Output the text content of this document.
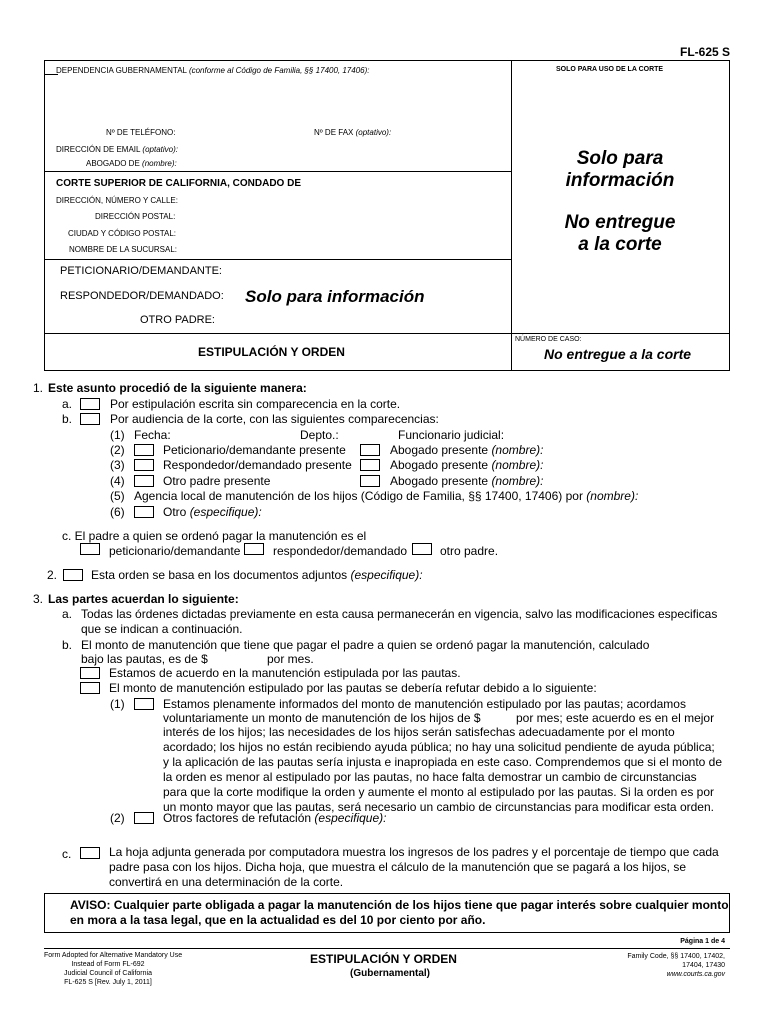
FL-625 S
DEPENDENCIA GUBERNAMENTAL (conforme al Código de Familia, §§ 17400, 17406):	SOLO PARA USO DE LA CORTE
Nº DE TELÉFONO:	Nº DE FAX (optativo):
DIRECCIÓN DE EMAIL (optativo):
ABOGADO DE (nombre):
CORTE SUPERIOR DE CALIFORNIA, CONDADO DE
DIRECCIÓN, NÚMERO Y CALLE:
DIRECCIÓN POSTAL:
CIUDAD Y CÓDIGO POSTAL:
NOMBRE DE LA SUCURSAL:
Solo para
información
No entregue
a la corte
PETICIONARIO/DEMANDANTE:
RESPONDEDOR/DEMANDADO: Solo para información
OTRO PADRE:
ESTIPULACIÓN Y ORDEN
NÚMERO DE CASO:
No entregue a la corte
1. Este asunto procedió de la siguiente manera:
a.	Por estipulación escrita sin comparecencia en la corte.
b.	Por audiencia de la corte, con las siguientes comparecencias:
(1) Fecha:	Depto.:	Funcionario judicial:
(2)	Peticionario/demandante presente	Abogado presente (nombre):
(3)	Respondedor/demandado presente	Abogado presente (nombre):
(4)	Otro padre presente	Abogado presente (nombre):
(5) Agencia local de manutención de los hijos (Código de Familia, §§ 17400, 17406) por (nombre):
(6)	Otro (especifique):
c. El padre a quien se ordenó pagar la manutención es el
peticionario/demandante	respondedor/demandado	otro padre.
2.	Esta orden se basa en los documentos adjuntos (especifique):
3. Las partes acuerdan lo siguiente:
a. Todas las órdenes dictadas previamente en esta causa permanecerán en vigencia, salvo las modificaciones especificas que se indican a continuación.
b. El monto de manutención que tiene que pagar el padre a quien se ordenó pagar la manutención, calculado
bajo las pautas, es de $	por mes.
Estamos de acuerdo en la manutención estipulada por las pautas.
El monto de manutención estipulado por las pautas se debería refutar debido a lo siguiente:
(1)	Estamos plenamente informados del monto de manutención estipulado por las pautas; acordamos
voluntariamente un monto de manutención de los hijos de $	por mes; este acuerdo es en el mejor
interés de los hijos; las necesidades de los hijos serán satisfechas adecuadamente por el monto acordado; los hijos no están recibiendo ayuda pública; no hay una solicitud pendiente de ayuda pública; y la aplicación de las pautas sería injusta e inapropiada en este caso. Comprendemos que si el monto de la orden es menor al estipulado por las pautas, no hace falta demostrar un cambio de circunstancias para que la corte modifique la orden y aumente el monto al estipulado por las pautas. Si la orden es por un monto mayor que las pautas, será necesario un cambio de circunstancias para modificar esta orden.
(2)	Otros factores de refutación (especifique):
c.	La hoja adjunta generada por computadora muestra los ingresos de los padres y el porcentaje de tiempo que cada padre pasa con los hijos. Dicha hoja, que muestra el cálculo de la manutención que se pagará a los hijos, se convertirá en una determinación de la corte.
AVISO: Cualquier parte obligada a pagar la manutención de los hijos tiene que pagar interés sobre cualquier monto
en mora a la tasa legal, que en la actualidad es del 10 por ciento por año.
Página 1 de 4
Form Adopted for Alternative Mandatory Use
Instead of Form FL-692
Judicial Council of California
FL-625 S [Rev. July 1, 2011]
ESTIPULACIÓN Y ORDEN
(Gubernamental)
Family Code, §§ 17400, 17402,
17404, 17430
www.courts.ca.gov
